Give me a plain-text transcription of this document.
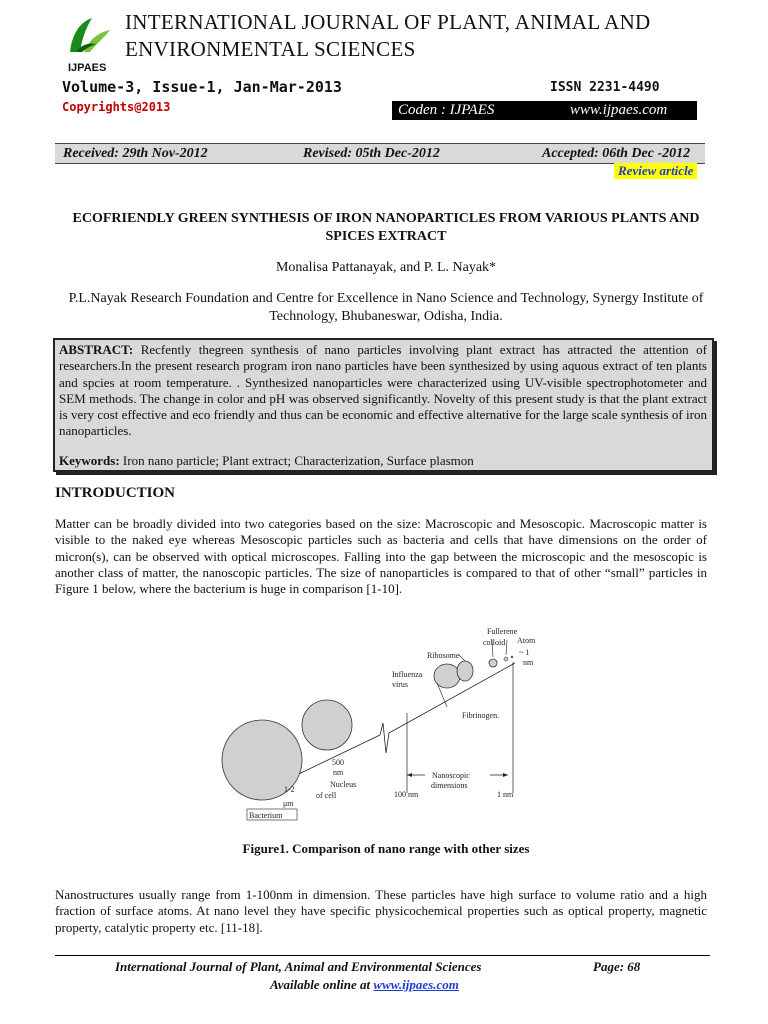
IJPAES
INTERNATIONAL JOURNAL OF PLANT, ANIMAL AND ENVIRONMENTAL SCIENCES
Volume-3, Issue-1, Jan-Mar-2013	ISSN 2231-4490
Copyrights@2013	Coden : IJPAES	www.ijpaes.com
Received: 29th Nov-2012	Revised: 05th Dec-2012	Accepted: 06th Dec -2012
Review article
ECOFRIENDLY GREEN SYNTHESIS OF IRON NANOPARTICLES FROM VARIOUS PLANTS AND SPICES EXTRACT
Monalisa Pattanayak, and P. L. Nayak*
P.L.Nayak Research Foundation and Centre for Excellence in Nano Science and Technology, Synergy Institute of Technology, Bhubaneswar, Odisha, India.
ABSTRACT: Recfently thegreen synthesis of nano particles involving plant extract has attracted the attention of researchers.In the present research program iron nano particles have been synthesized by using aquous extract of ten plants and spcies at room temperature. . Synthesized nanoparticles were characterized using UV-visible spectrophotometer and SEM methods. The change in color and pH was observed significantly. Novelty of this present study is that the plant extract is very cost effective and eco friendly and thus can be economic and effective alternative for the large scale synthesis of iron nanoparticles.
Keywords: Iron nano particle; Plant extract; Characterization, Surface plasmon
INTRODUCTION
Matter can be broadly divided into two categories based on the size: Macroscopic and Mesoscopic. Macroscopic matter is visible to the naked eye whereas Mesoscopic particles such as bacteria and cells that have dimensions on the order of micron(s), can be observed with optical microscopes. Falling into the gap between the microscopic and the mesoscopic is another class of matter, the nanoscopic particles. The size of nanoparticles is compared to that of other “small” particles in Figure 1 below, where the bacterium is huge in comparison [1-10].
Fullerene
colloid Atom
~ 1
nm
Ribosome
Influenza
virus
Fibrinogen.
500
nm
Nucleus
of cell
Nanoscopic
dimensions
100 nm	1 nm
1-2
μm
Bacterium
Figure1. Comparison of nano range with other sizes
Nanostructures usually range from 1-100nm in dimension. These particles have high surface to volume ratio and a high fraction of surface atoms. At nano level they have specific physicochemical properties such as optical property, magnetic property, catalytic property etc. [11-18].
International Journal of Plant, Animal and Environmental Sciences	Page: 68
Available online at www.ijpaes.com
